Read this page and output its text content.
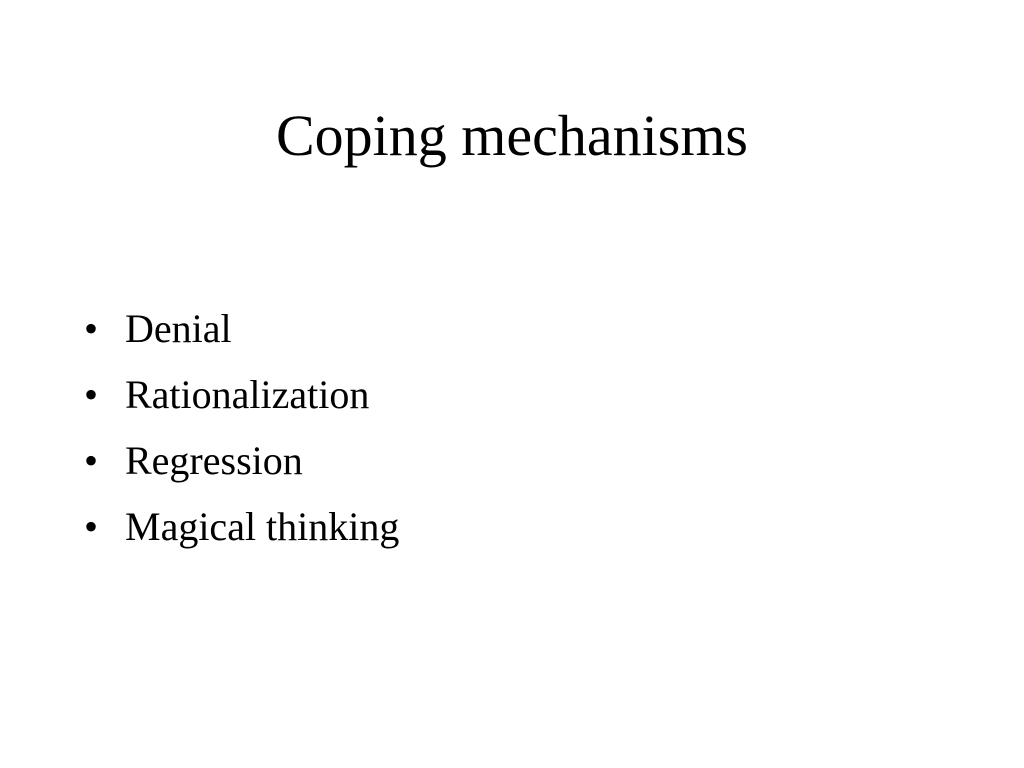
Coping mechanisms
• Denial
• Rationalization
• Regression
• Magical thinking
